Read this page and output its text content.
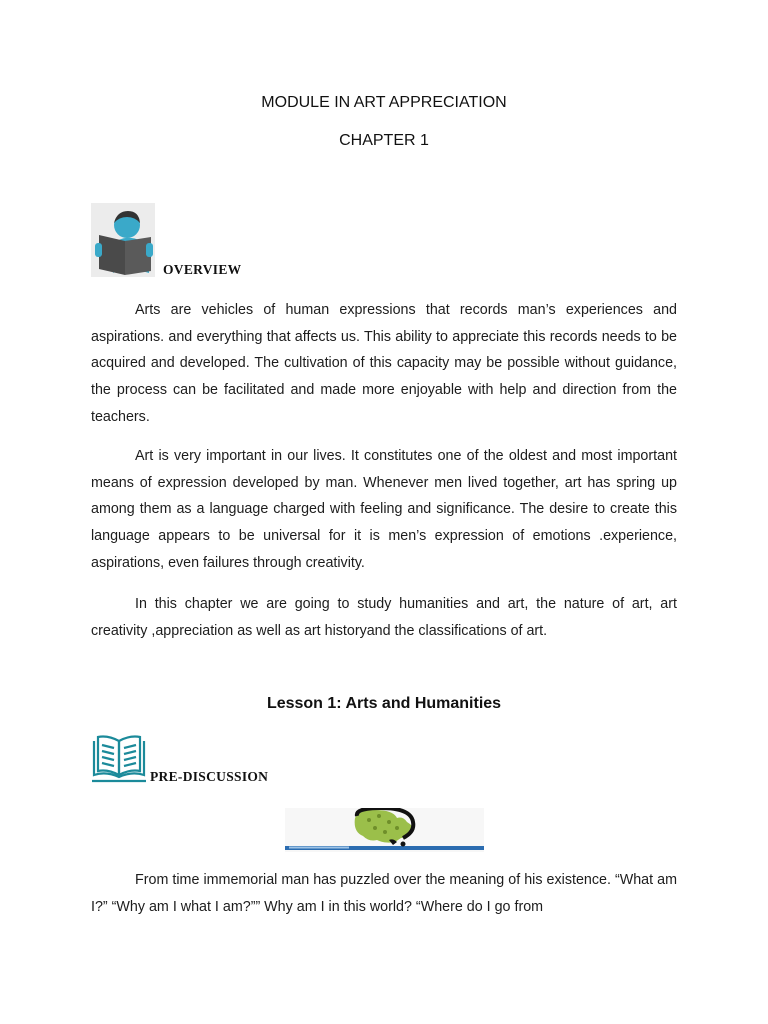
MODULE IN ART APPRECIATION
CHAPTER 1
OVERVIEW

Arts are vehicles of human expressions that records man’s experiences and aspirations. and everything that affects us. This ability to appreciate this records needs to be acquired and developed. The cultivation of this capacity may be possible without guidance, the process can be facilitated and made more enjoyable with help and direction from the teachers.

Art is very important in our lives. It constitutes one of the oldest and most important means of expression developed by man. Whenever men lived together, art has spring up among them as a language charged with feeling and significance. The desire to create this language appears to be universal for it is men’s expression of emotions .experience, aspirations, even failures through creativity.

In this chapter we are going to study humanities and art, the nature of art, art creativity ,appreciation as well as art historyand the classifications of art.

Lesson 1: Arts and Humanities
PRE-DISCUSSION

From time immemorial man has puzzled over the meaning of his existence. “What am I?” “Why am I what I am?”” Why am I in this world? “Where do I go from
